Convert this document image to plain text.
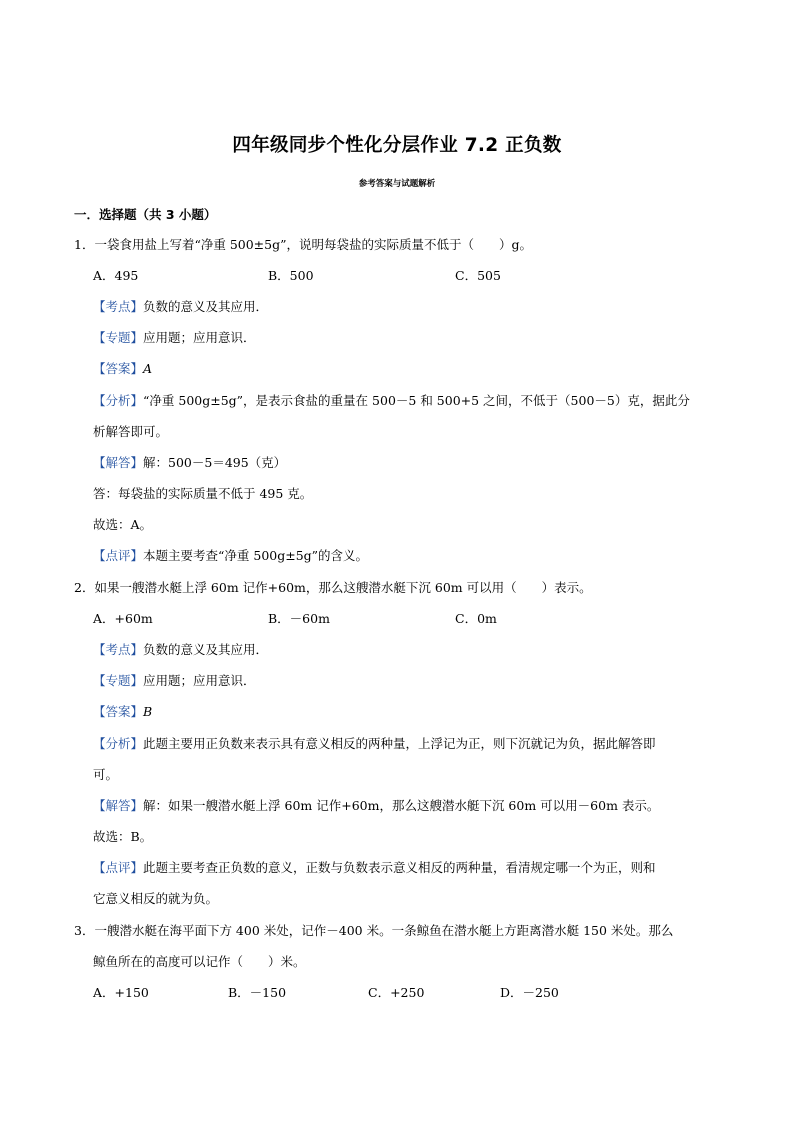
四年级同步个性化分层作业 7.2 正负数
参考答案与试题解析
一．选择题（共 3 小题）
1．一袋食用盐上写着“净重 500±5g”，说明每袋盐的实际质量不低于（　　）g。
A．495	B．500	C．505
【考点】负数的意义及其应用．
【专题】应用题；应用意识．
【答案】A
【分析】“净重 500g±5g”，是表示食盐的重量在 500－5 和 500+5 之间，不低于（500－5）克，据此分
析解答即可。
【解答】解：500－5＝495（克）
答：每袋盐的实际质量不低于 495 克。
故选：A。
【点评】本题主要考查“净重 500g±5g”的含义。
2．如果一艘潜水艇上浮 60m 记作+60m，那么这艘潜水艇下沉 60m 可以用（　　）表示。
A．+60m	B．－60m	C．0m
【考点】负数的意义及其应用．
【专题】应用题；应用意识．
【答案】B
【分析】此题主要用正负数来表示具有意义相反的两种量，上浮记为正，则下沉就记为负，据此解答即
可。
【解答】解：如果一艘潜水艇上浮 60m 记作+60m，那么这艘潜水艇下沉 60m 可以用－60m 表示。
故选：B。
【点评】此题主要考查正负数的意义，正数与负数表示意义相反的两种量，看清规定哪一个为正，则和
它意义相反的就为负。
3．一艘潜水艇在海平面下方 400 米处，记作－400 米。一条鲸鱼在潜水艇上方距离潜水艇 150 米处。那么
鲸鱼所在的高度可以记作（　　）米。
A．+150	B．－150	C．+250	D．－250
